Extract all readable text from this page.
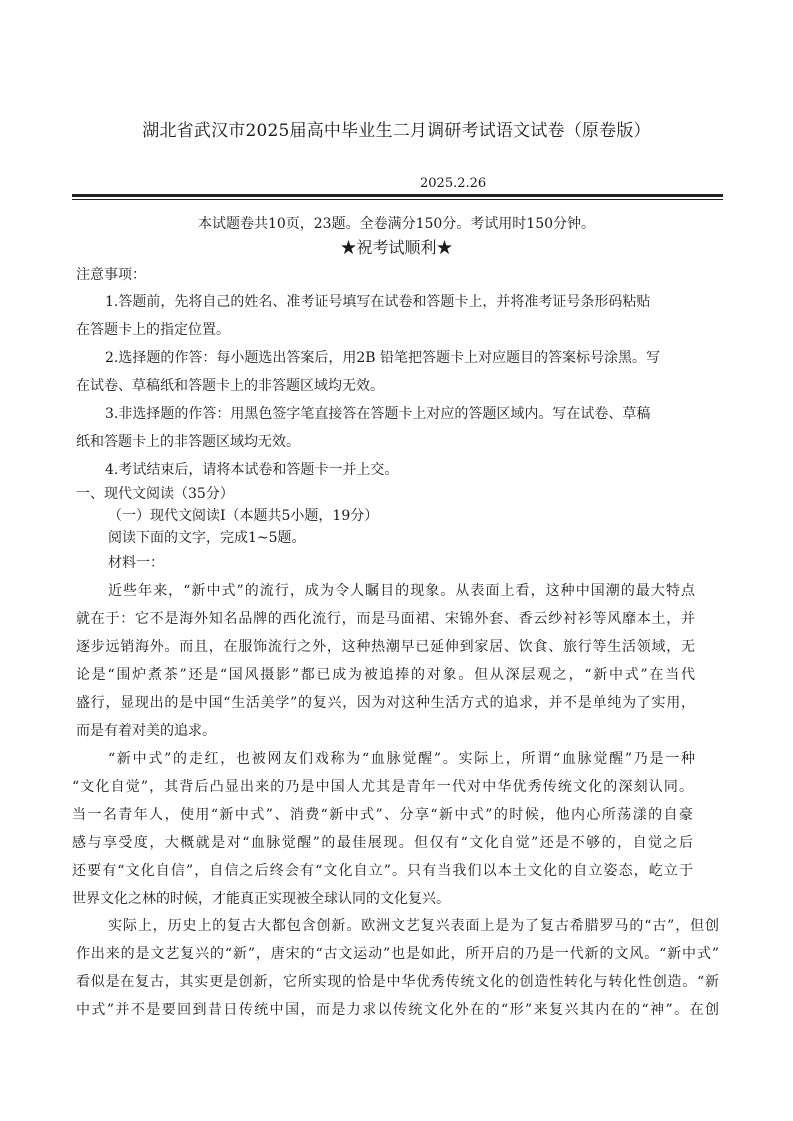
湖北省武汉市2025届高中毕业生二月调研考试语文试卷（原卷版）
2025.2.26
本试题卷共10页，23题。全卷满分150分。考试用时150分钟。
★祝考试顺利★
注意事项：
1.答题前，先将自己的姓名、准考证号填写在试卷和答题卡上，并将准考证号条形码粘贴
在答题卡上的指定位置。
2.选择题的作答：每小题选出答案后，用2B 铅笔把答题卡上对应题目的答案标号涂黑。写
在试卷、草稿纸和答题卡上的非答题区域均无效。
3.非选择题的作答：用黑色签字笔直接答在答题卡上对应的答题区域内。写在试卷、草稿
纸和答题卡上的非答题区域均无效。
4.考试结束后，请将本试卷和答题卡一并上交。
一、现代文阅读（35分）
（一）现代文阅读I（本题共5小题，19分）
阅读下面的文字，完成1~5题。
材料一：
近些年来，“新中式”的流行，成为令人瞩目的现象。从表面上看，这种中国潮的最大特点
就在于：它不是海外知名品牌的西化流行，而是马面裙、宋锦外套、香云纱衬衫等风靡本土，并
逐步远销海外。而且，在服饰流行之外，这种热潮早已延伸到家居、饮食、旅行等生活领域，无
论是“围炉煮茶”还是“国风摄影”都已成为被追捧的对象。但从深层观之，“新中式”在当代
盛行，显现出的是中国“生活美学”的复兴，因为对这种生活方式的追求，并不是单纯为了实用，
而是有着对美的追求。
“新中式”的走红，也被网友们戏称为“血脉觉醒”。实际上，所谓“血脉觉醒”乃是一种
“文化自觉”，其背后凸显出来的乃是中国人尤其是青年一代对中华优秀传统文化的深刻认同。
当一名青年人，使用“新中式”、消费“新中式”、分享“新中式”的时候，他内心所荡漾的自豪
感与享受度，大概就是对“血脉觉醒”的最佳展现。但仅有“文化自觉”还是不够的，自觉之后
还要有“文化自信”，自信之后终会有“文化自立”。只有当我们以本土文化的自立姿态，屹立于
世界文化之林的时候，才能真正实现被全球认同的文化复兴。
实际上，历史上的复古大都包含创新。欧洲文艺复兴表面上是为了复古希腊罗马的“古”，但创
作出来的是文艺复兴的“新”，唐宋的“古文运动”也是如此，所开启的乃是一代新的文风。“新中式”
看似是在复古，其实更是创新，它所实现的恰是中华优秀传统文化的创造性转化与转化性创造。“新
中式”并不是要回到昔日传统中国，而是力求以传统文化外在的“形”来复兴其内在的“神”。在创
